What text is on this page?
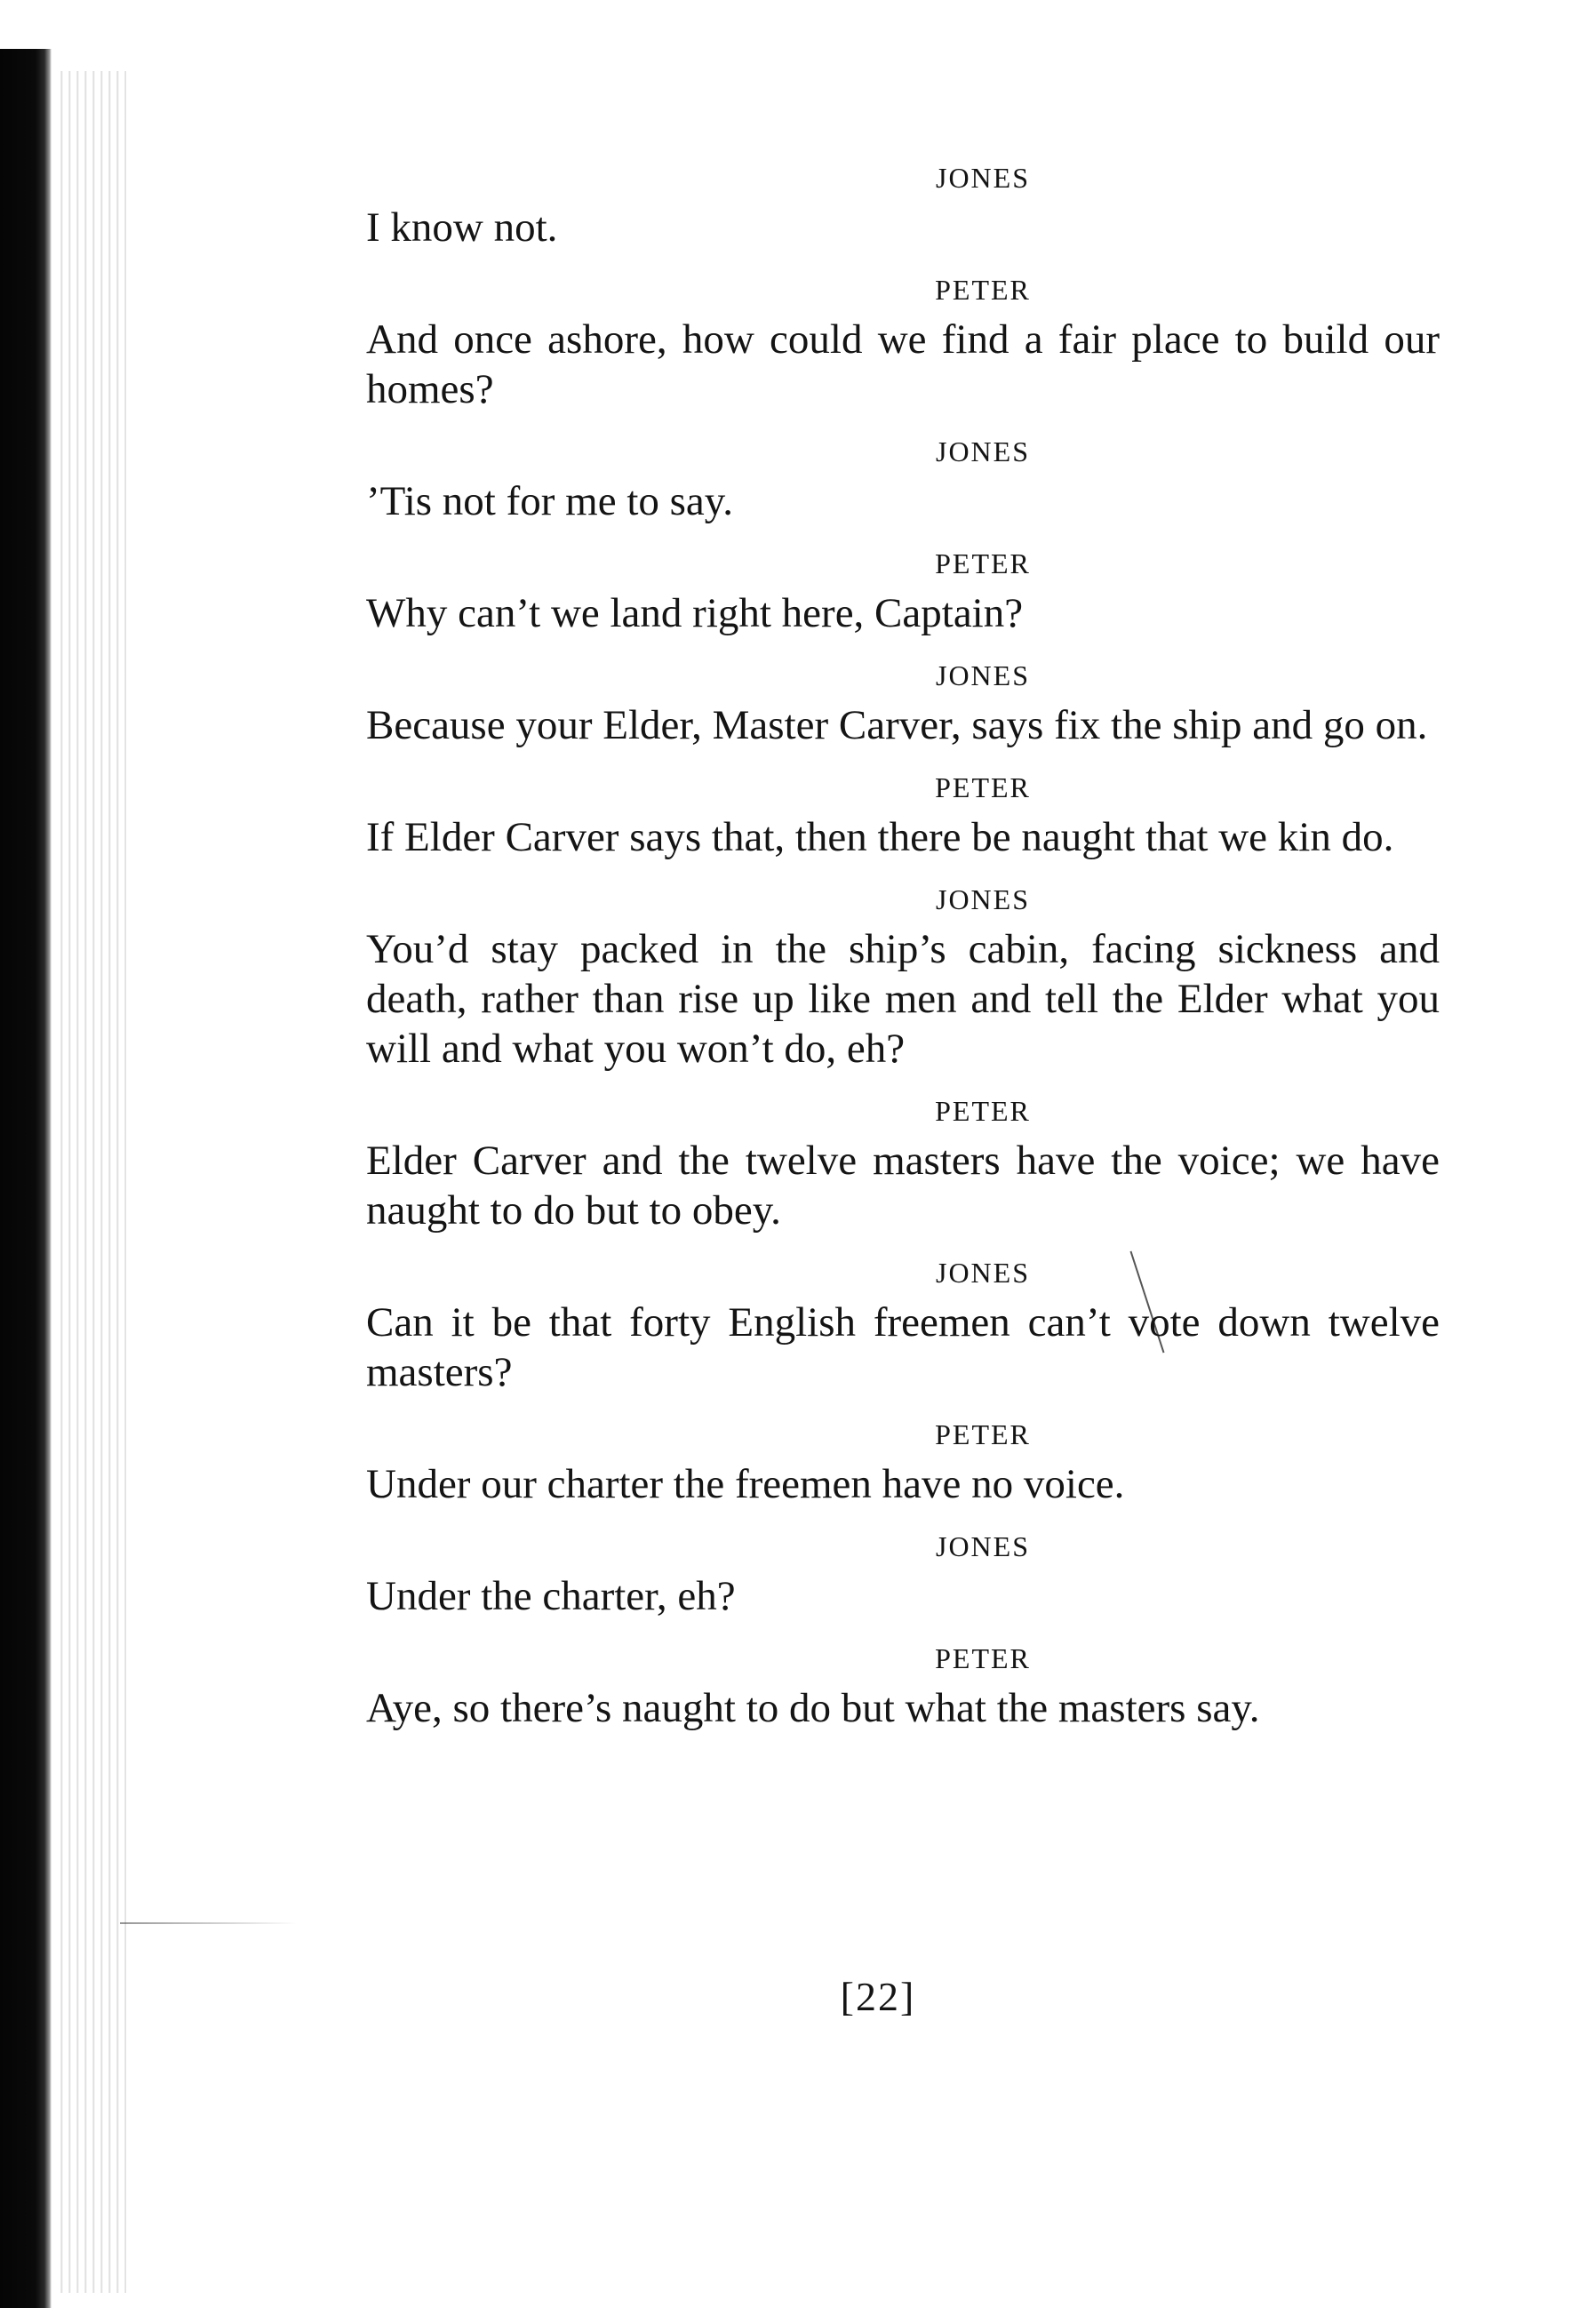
JONES
I know not.
PETER
And once ashore, how could we find a fair place to build our homes?
JONES
’Tis not for me to say.
PETER
Why can’t we land right here, Captain?
JONES
Because your Elder, Master Carver, says fix the ship and go on.
PETER
If Elder Carver says that, then there be naught that we kin do.
JONES
You’d stay packed in the ship’s cabin, facing sickness and death, rather than rise up like men and tell the Elder what you will and what you won’t do, eh?
PETER
Elder Carver and the twelve masters have the voice; we have naught to do but to obey.
JONES
Can it be that forty English freemen can’t vote down twelve masters?
PETER
Under our charter the freemen have no voice.
JONES
Under the charter, eh?
PETER
Aye, so there’s naught to do but what the masters say.
[22]
